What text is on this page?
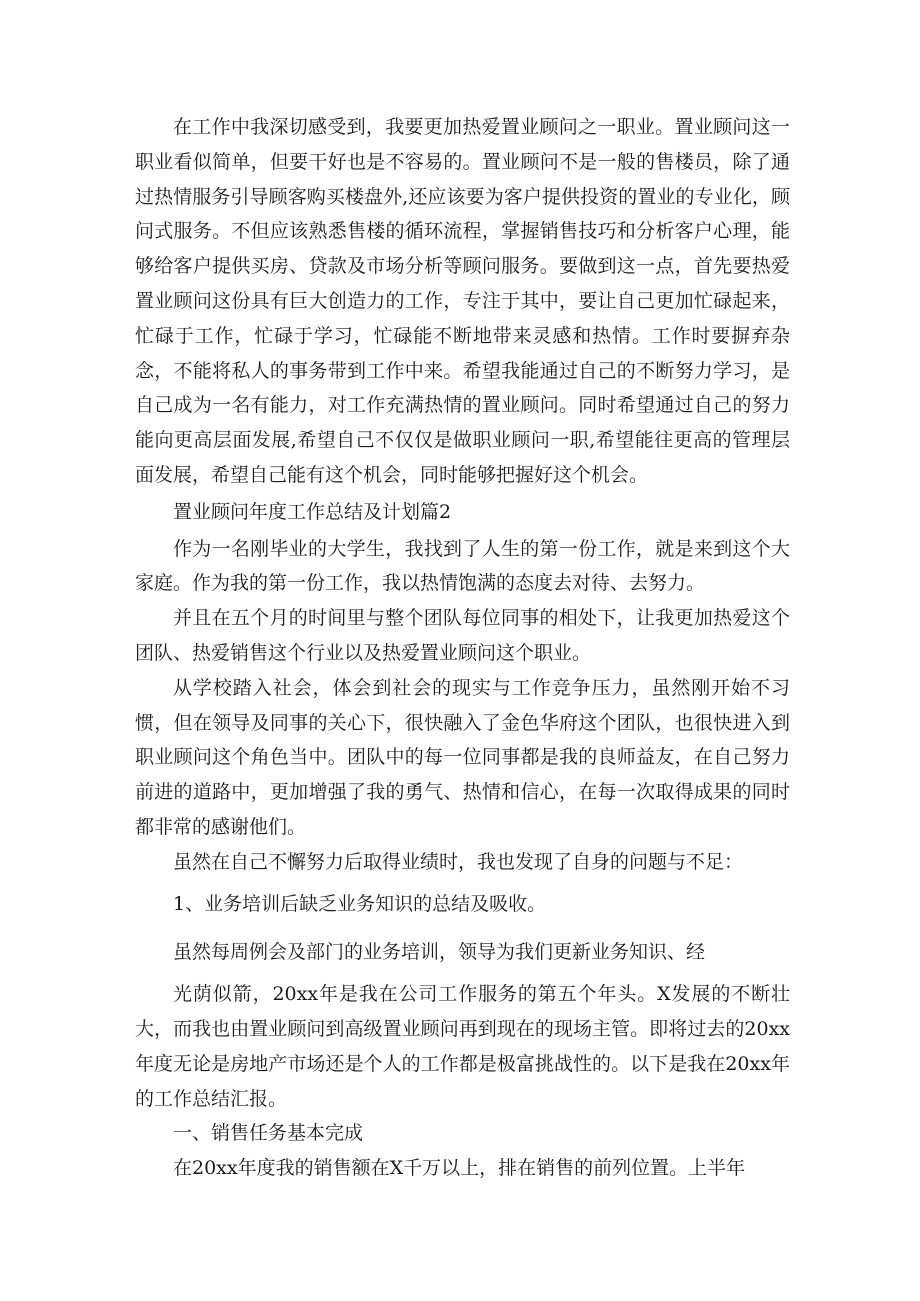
在工作中我深切感受到，我要更加热爱置业顾问之一职业。置业顾问这一职业看似简单，但要干好也是不容易的。置业顾问不是一般的售楼员，除了通过热情服务引导顾客购买楼盘外,还应该要为客户提供投资的置业的专业化，顾问式服务。不但应该熟悉售楼的循环流程，掌握销售技巧和分析客户心理，能够给客户提供买房、贷款及市场分析等顾问服务。要做到这一点，首先要热爱置业顾问这份具有巨大创造力的工作，专注于其中，要让自己更加忙碌起来，忙碌于工作，忙碌于学习，忙碌能不断地带来灵感和热情。工作时要摒弃杂念，不能将私人的事务带到工作中来。希望我能通过自己的不断努力学习，是自己成为一名有能力，对工作充满热情的置业顾问。同时希望通过自己的努力能向更高层面发展,希望自己不仅仅是做职业顾问一职,希望能往更高的管理层面发展，希望自己能有这个机会，同时能够把握好这个机会。

置业顾问年度工作总结及计划篇2

作为一名刚毕业的大学生，我找到了人生的第一份工作，就是来到这个大家庭。作为我的第一份工作，我以热情饱满的态度去对待、去努力。

并且在五个月的时间里与整个团队每位同事的相处下，让我更加热爱这个团队、热爱销售这个行业以及热爱置业顾问这个职业。

从学校踏入社会，体会到社会的现实与工作竞争压力，虽然刚开始不习惯，但在领导及同事的关心下，很快融入了金色华府这个团队，也很快进入到职业顾问这个角色当中。团队中的每一位同事都是我的良师益友，在自己努力前进的道路中，更加增强了我的勇气、热情和信心，在每一次取得成果的同时都非常的感谢他们。

虽然在自己不懈努力后取得业绩时，我也发现了自身的问题与不足：

1、业务培训后缺乏业务知识的总结及吸收。

虽然每周例会及部门的业务培训，领导为我们更新业务知识、经

光荫似箭，20xx年是我在公司工作服务的第五个年头。X发展的不断壮大，而我也由置业顾问到高级置业顾问再到现在的现场主管。即将过去的20xx年度无论是房地产市场还是个人的工作都是极富挑战性的。以下是我在20xx年的工作总结汇报。

一、销售任务基本完成

在20xx年度我的销售额在X千万以上，排在销售的前列位置。上半年
